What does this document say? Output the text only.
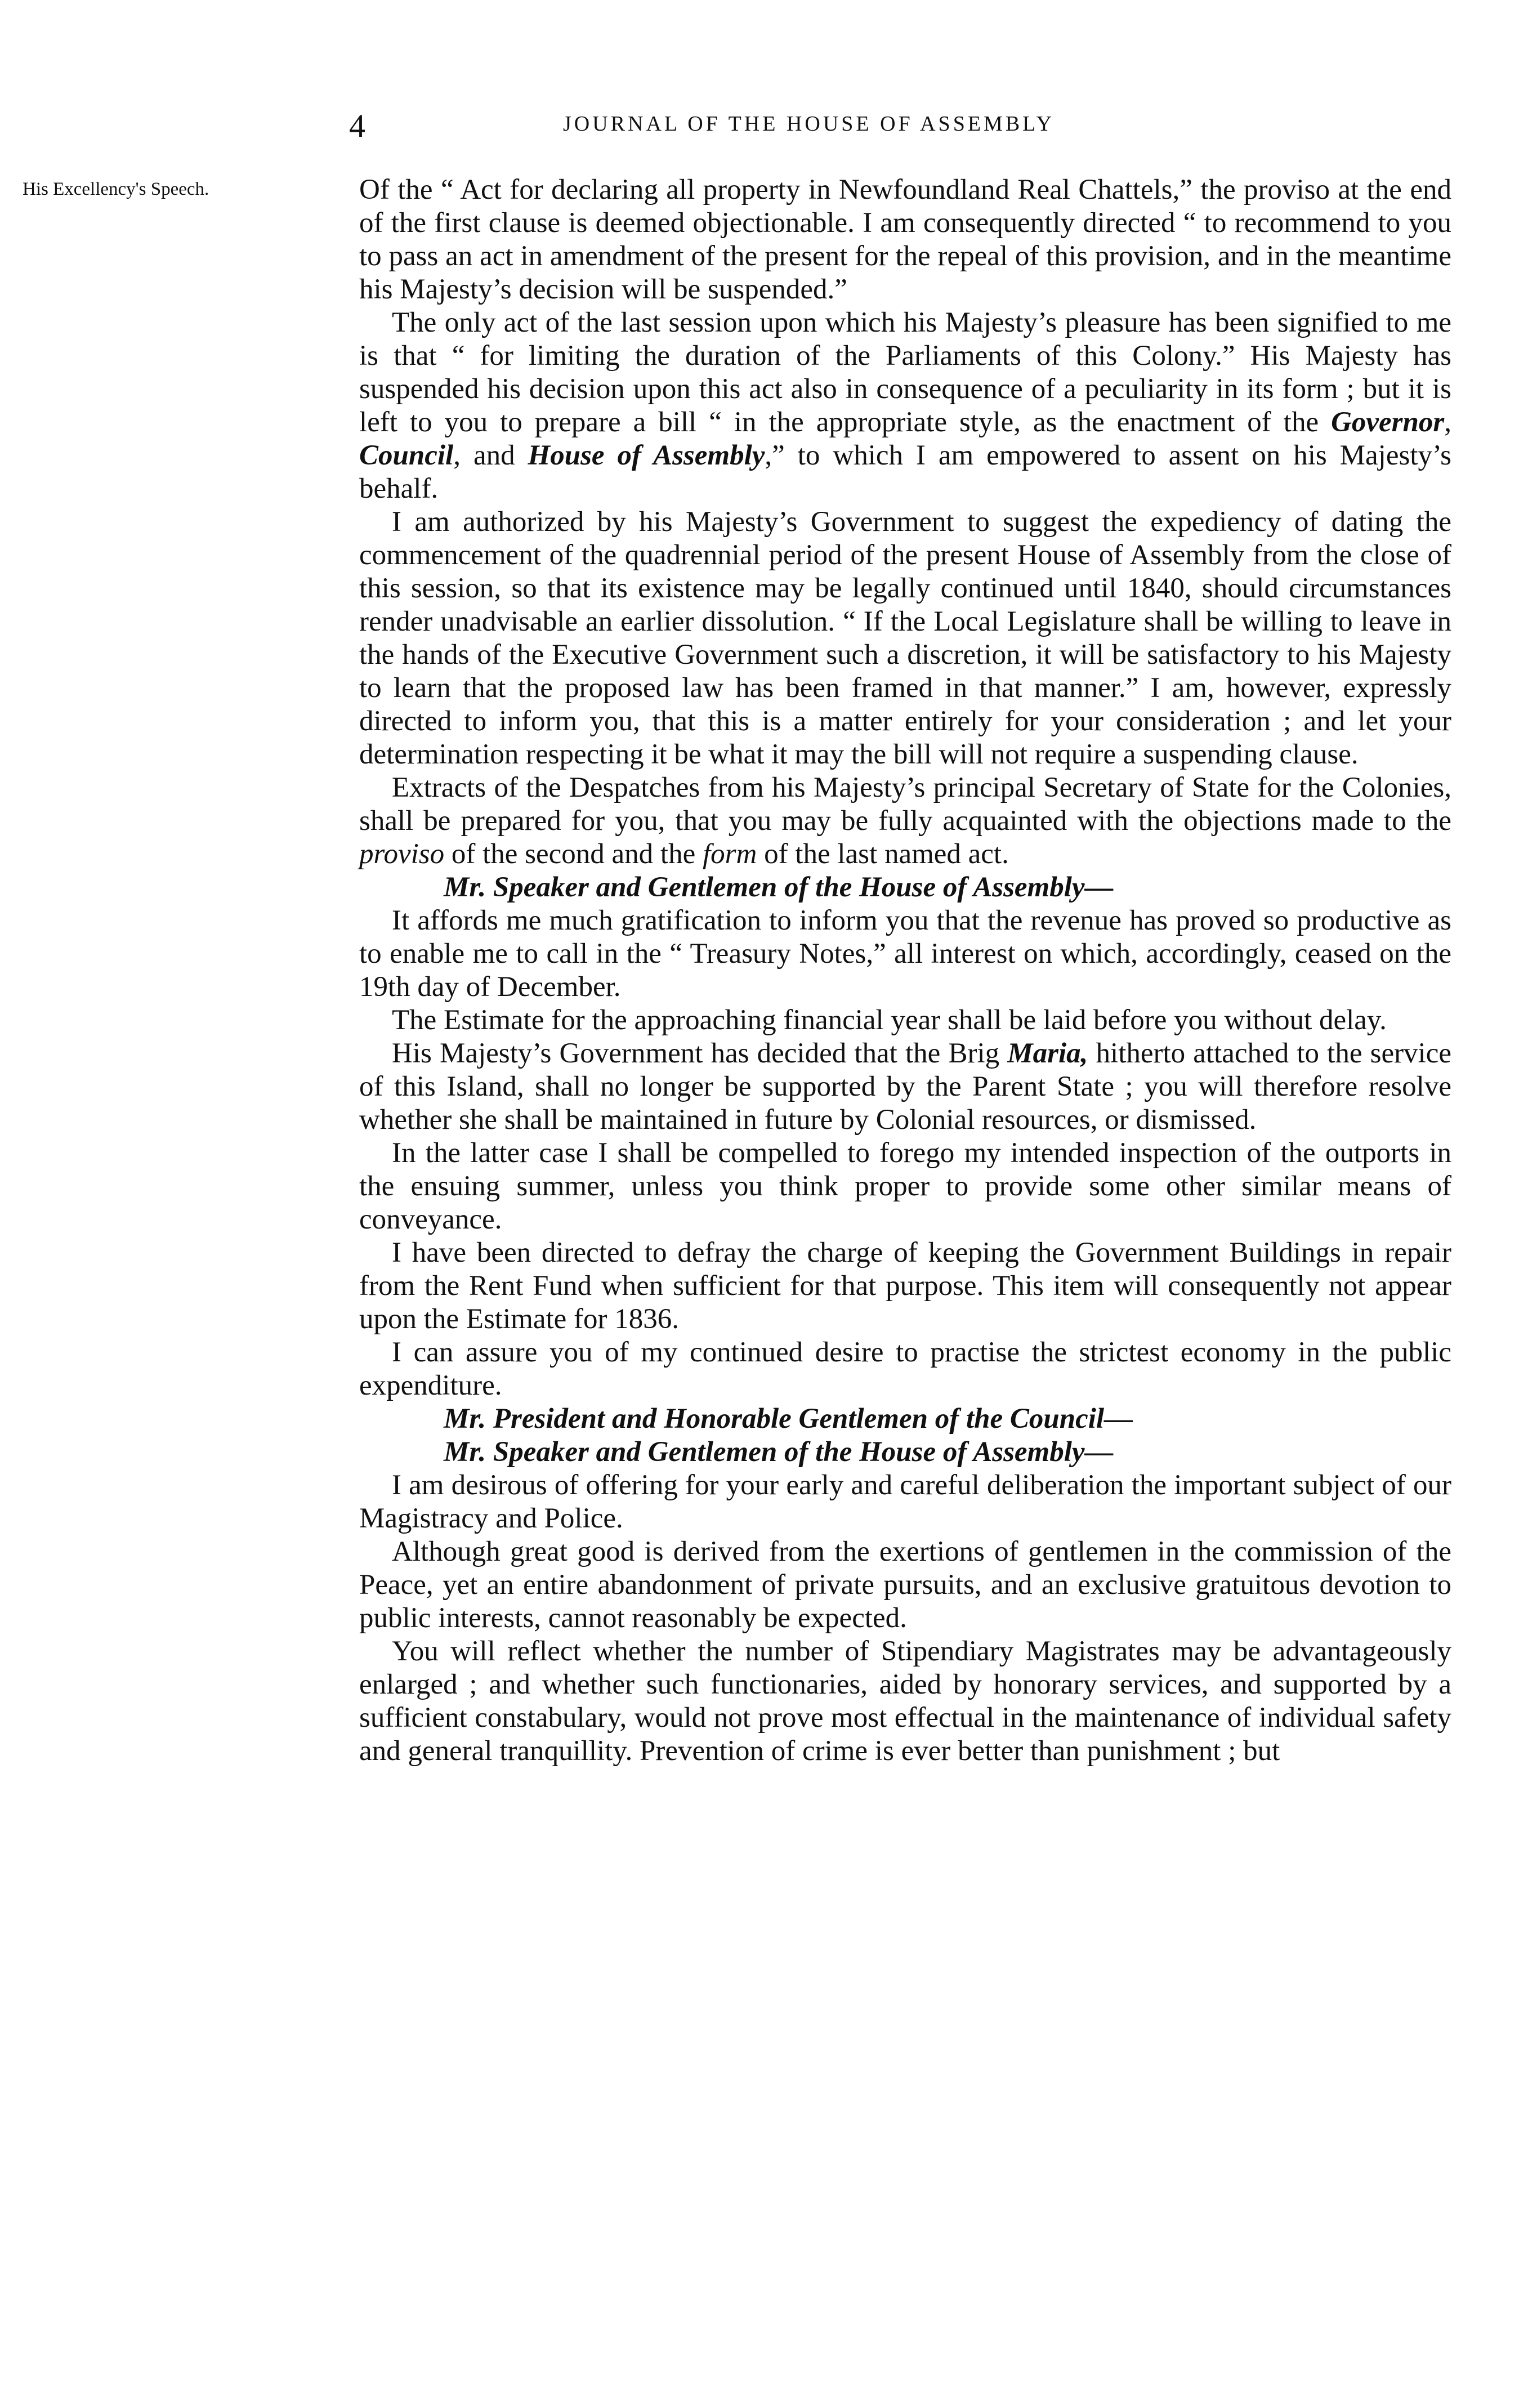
4	JOURNAL OF THE HOUSE OF ASSEMBLY
His Excellency's Speech.	Of the “ Act for declaring all property in Newfoundland Real Chattels,” the proviso at the end of the first clause is deemed objectionable. I am consequently directed “ to recommend to you to pass an act in amendment of the present for the repeal of this provision, and in the meantime his Majesty’s decision will be suspended.”

The only act of the last session upon which his Majesty’s pleasure has been signified to me is that “ for limiting the duration of the Parliaments of this Colony.” His Majesty has suspended his decision upon this act also in consequence of a peculiarity in its form ; but it is left to you to prepare a bill “ in the appropriate style, as the enactment of the Governor, Council, and House of Assembly,” to which I am empowered to assent on his Majesty’s behalf.

I am authorized by his Majesty’s Government to suggest the expediency of dating the commencement of the quadrennial period of the present House of Assembly from the close of this session, so that its existence may be legally continued until 1840, should circumstances render unadvisable an earlier dissolution. “ If the Local Legislature shall be willing to leave in the hands of the Executive Government such a discretion, it will be satisfactory to his Majesty to learn that the proposed law has been framed in that manner.” I am, however, expressly directed to inform you, that this is a matter entirely for your consideration ; and let your determination respecting it be what it may the bill will not require a suspending clause.

Extracts of the Despatches from his Majesty’s principal Secretary of State for the Colonies, shall be prepared for you, that you may be fully acquainted with the objections made to the proviso of the second and the form of the last named act.

Mr. Speaker and Gentlemen of the House of Assembly—

It affords me much gratification to inform you that the revenue has proved so productive as to enable me to call in the “ Treasury Notes,” all interest on which, accordingly, ceased on the 19th day of December.

The Estimate for the approaching financial year shall be laid before you without delay.

His Majesty’s Government has decided that the Brig Maria, hitherto attached to the service of this Island, shall no longer be supported by the Parent State ; you will therefore resolve whether she shall be maintained in future by Colonial resources, or dismissed.

In the latter case I shall be compelled to forego my intended inspection of the outports in the ensuing summer, unless you think proper to provide some other similar means of conveyance.

I have been directed to defray the charge of keeping the Government Buildings in repair from the Rent Fund when sufficient for that purpose. This item will consequently not appear upon the Estimate for 1836.

I can assure you of my continued desire to practise the strictest economy in the public expenditure.

Mr. President and Honorable Gentlemen of the Council—

Mr. Speaker and Gentlemen of the House of Assembly—

I am desirous of offering for your early and careful deliberation the important subject of our Magistracy and Police.

Although great good is derived from the exertions of gentlemen in the commission of the Peace, yet an entire abandonment of private pursuits, and an exclusive gratuitous devotion to public interests, cannot reasonably be expected.

You will reflect whether the number of Stipendiary Magistrates may be advantageously enlarged ; and whether such functionaries, aided by honorary services, and supported by a sufficient constabulary, would not prove most effectual in the maintenance of individual safety and general tranquillity. Prevention of crime is ever better than punishment ; but
